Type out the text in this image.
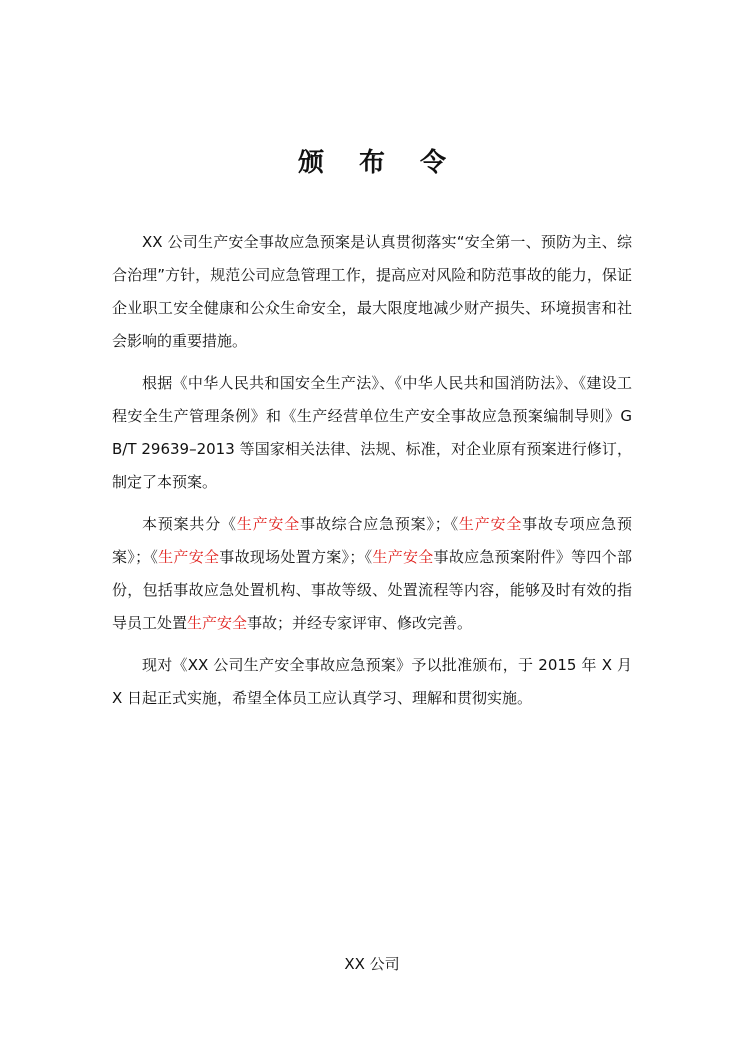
颁 布 令

XX 公司生产安全事故应急预案是认真贯彻落实“安全第一、预防为主、综合治理”方针，规范公司应急管理工作，提高应对风险和防范事故的能力，保证企业职工安全健康和公众生命安全，最大限度地减少财产损失、环境损害和社会影响的重要措施。

根据《中华人民共和国安全生产法》、《中华人民共和国消防法》、《建设工程安全生产管理条例》和《生产经营单位生产安全事故应急预案编制导则》GB/T 29639–2013 等国家相关法律、法规、标准，对企业原有预案进行修订，制定了本预案。

本预案共分《生产安全事故综合应急预案》；《生产安全事故专项应急预案》；《生产安全事故现场处置方案》；《生产安全事故应急预案附件》等四个部份，包括事故应急处置机构、事故等级、处置流程等内容，能够及时有效的指导员工处置生产安全事故；并经专家评审、修改完善。

现对《XX 公司生产安全事故应急预案》予以批准颁布，于 2015 年 X 月 X 日起正式实施，希望全体员工应认真学习、理解和贯彻实施。

XX 公司
